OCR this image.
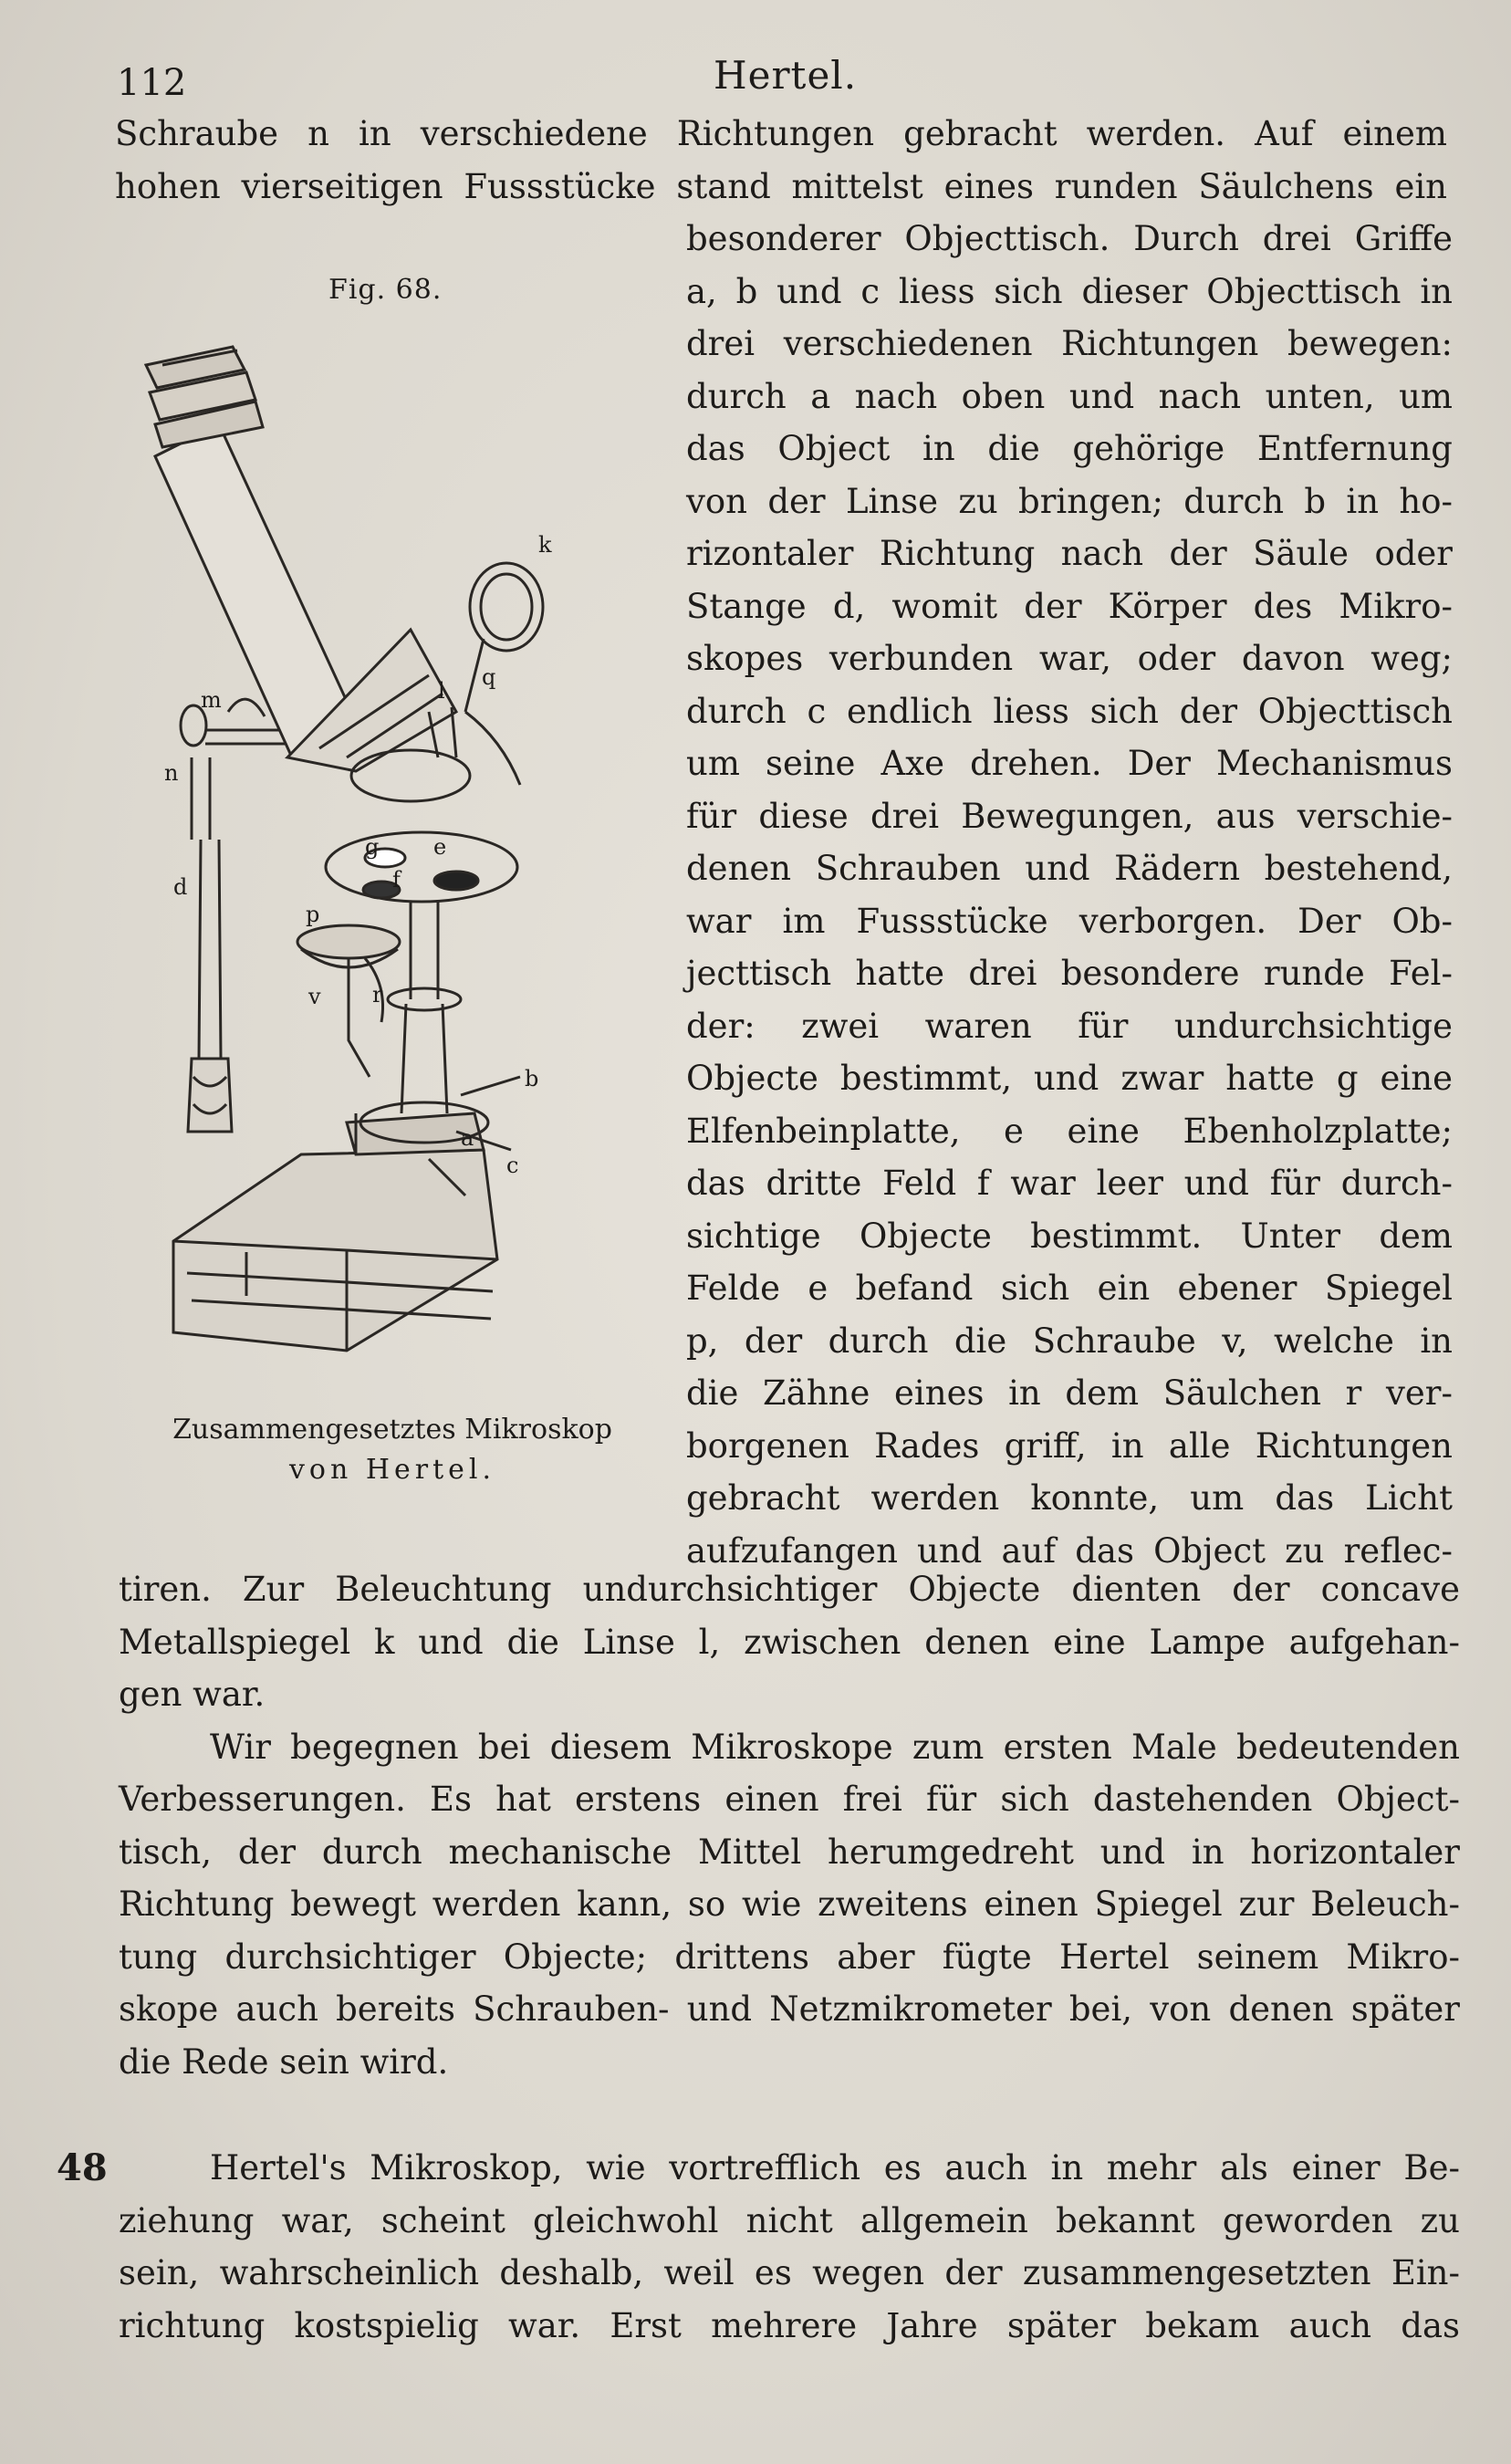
112	Hertel.
Schraube n in verschiedene Richtungen gebracht werden. Auf einem
hohen vierseitigen Fussstücke stand mittelst eines runden Säulchens ein
Fig. 68.
m
n
d
k
l
q
g e
f
p
v r
b
a
c
Zusammengesetztes Mikroskop
von Hertel.
besonderer Objecttisch. Durch drei Griffe
a, b und c liess sich dieser Objecttisch in
drei verschiedenen Richtungen bewegen:
durch a nach oben und nach unten, um
das Object in die gehörige Entfernung
von der Linse zu bringen; durch b in ho-
rizontaler Richtung nach der Säule oder
Stange d, womit der Körper des Mikro-
skopes verbunden war, oder davon weg;
durch c endlich liess sich der Objecttisch
um seine Axe drehen. Der Mechanismus
für diese drei Bewegungen, aus verschie-
denen Schrauben und Rädern bestehend,
war im Fussstücke verborgen. Der Ob-
jecttisch hatte drei besondere runde Fel-
der: zwei waren für undurchsichtige
Objecte bestimmt, und zwar hatte g eine
Elfenbeinplatte, e eine Ebenholzplatte;
das dritte Feld f war leer und für durch-
sichtige Objecte bestimmt. Unter dem
Felde e befand sich ein ebener Spiegel
p, der durch die Schraube v, welche in
die Zähne eines in dem Säulchen r ver-
borgenen Rades griff, in alle Richtungen
gebracht werden konnte, um das Licht
aufzufangen und auf das Object zu reflec-
tiren. Zur Beleuchtung undurchsichtiger Objecte dienten der concave
Metallspiegel k und die Linse l, zwischen denen eine Lampe aufgehan-
gen war.
Wir begegnen bei diesem Mikroskope zum ersten Male bedeutenden
Verbesserungen. Es hat erstens einen frei für sich dastehenden Object-
tisch, der durch mechanische Mittel herumgedreht und in horizontaler
Richtung bewegt werden kann, so wie zweitens einen Spiegel zur Beleuch-
tung durchsichtiger Objecte; drittens aber fügte Hertel seinem Mikro-
skope auch bereits Schrauben- und Netzmikrometer bei, von denen später
die Rede sein wird.
48	Hertel's Mikroskop, wie vortrefflich es auch in mehr als einer Be-
ziehung war, scheint gleichwohl nicht allgemein bekannt geworden zu
sein, wahrscheinlich deshalb, weil es wegen der zusammengesetzten Ein-
richtung kostspielig war. Erst mehrere Jahre später bekam auch das
